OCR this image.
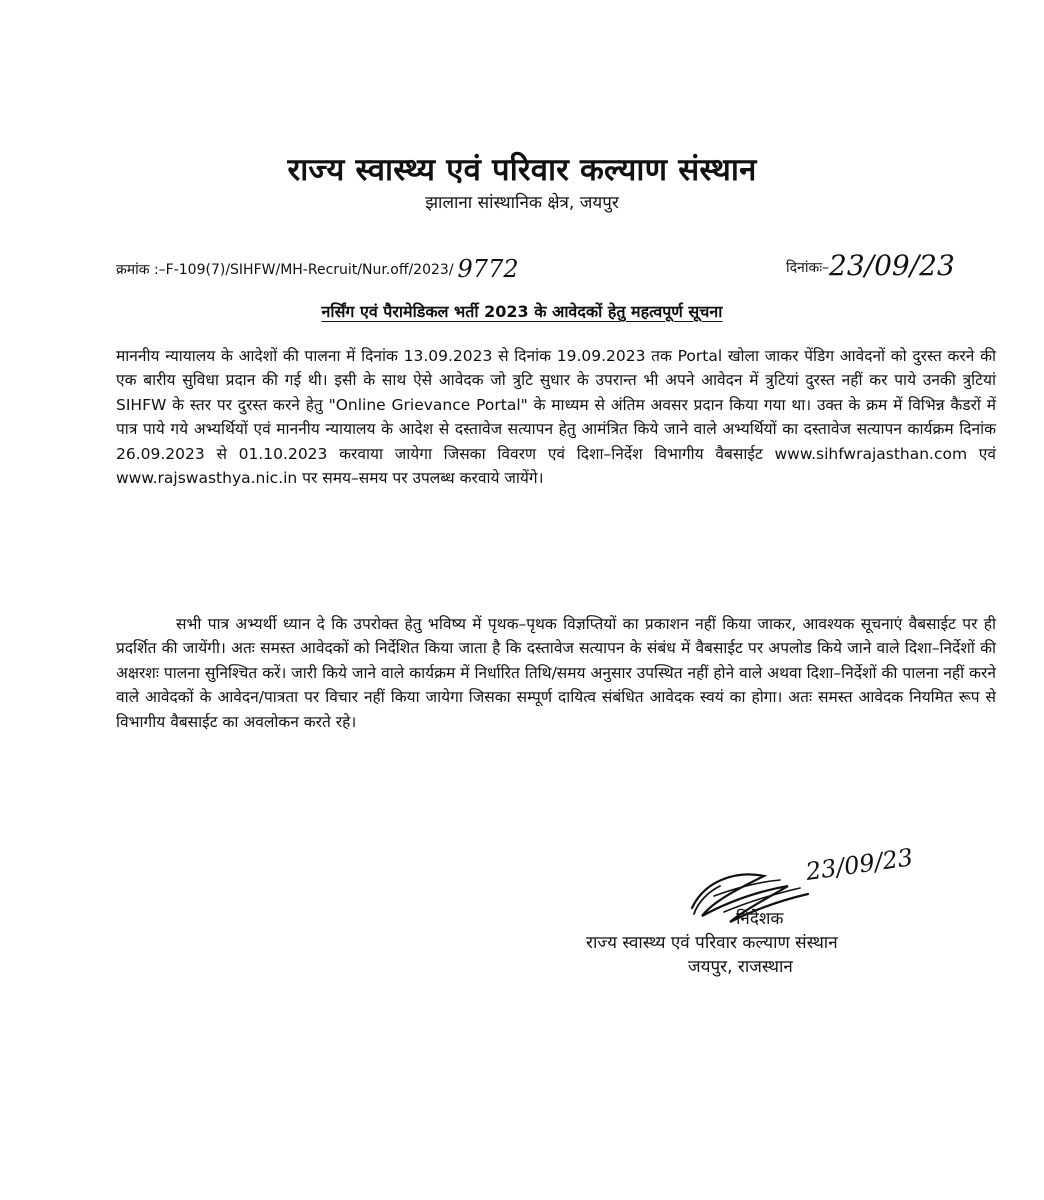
राज्य स्वास्थ्य एवं परिवार कल्याण संस्थान
झालाना सांस्थानिक क्षेत्र, जयपुर
क्रमांक :–F-109(7)/SIHFW/MH-Recruit/Nur.off/2023/ 9772	दिनांकः–23/09/23
नर्सिंग एवं पैरामेडिकल भर्ती 2023 के आवेदकों हेतु महत्वपूर्ण सूचना

माननीय न्यायालय के आदेशों की पालना में दिनांक 13.09.2023 से दिनांक 19.09.2023 तक Portal खोला जाकर पेंडिग आवेदनों को दुरस्त करने की एक बारीय सुविधा प्रदान की गई थी। इसी के साथ ऐसे आवेदक जो त्रुटि सुधार के उपरान्त भी अपने आवेदन में त्रुटियां दुरस्त नहीं कर पाये उनकी त्रुटियां SIHFW के स्तर पर दुरस्त करने हेतु "Online Grievance Portal" के माध्यम से अंतिम अवसर प्रदान किया गया था। उक्त के क्रम में विभिन्न कैडरों में पात्र पाये गये अभ्यर्थियों एवं माननीय न्यायालय के आदेश से दस्तावेज सत्यापन हेतु आमंत्रित किये जाने वाले अभ्यर्थियों का दस्तावेज सत्यापन कार्यक्रम दिनांक 26.09.2023 से 01.10.2023 करवाया जायेगा जिसका विवरण एवं दिशा–निर्देश विभागीय वैबसाईट www.sihfwrajasthan.com एवं www.rajswasthya.nic.in पर समय–समय पर उपलब्ध करवाये जायेंगे।

सभी पात्र अभ्यर्थी ध्यान दे कि उपरोक्त हेतु भविष्य में पृथक–पृथक विज्ञप्तियों का प्रकाशन नहीं किया जाकर, आवश्यक सूचनाएं वैबसाईट पर ही प्रदर्शित की जायेंगी। अतः समस्त आवेदकों को निर्देशित किया जाता है कि दस्तावेज सत्यापन के संबंध में वैबसाईट पर अपलोड किये जाने वाले दिशा–निर्देशों की अक्षरशः पालना सुनिश्चित करें। जारी किये जाने वाले कार्यक्रम में निर्धारित तिथि/समय अनुसार उपस्थित नहीं होने वाले अथवा दिशा–निर्देशों की पालना नहीं करने वाले आवेदकों के आवेदन/पात्रता पर विचार नहीं किया जायेगा जिसका सम्पूर्ण दायित्व संबंधित आवेदक स्वयं का होगा। अतः समस्त आवेदक नियमित रूप से विभागीय वैबसाईट का अवलोकन करते रहे।

23/09/23
निदेशक
राज्य स्वास्थ्य एवं परिवार कल्याण संस्थान
जयपुर, राजस्थान
